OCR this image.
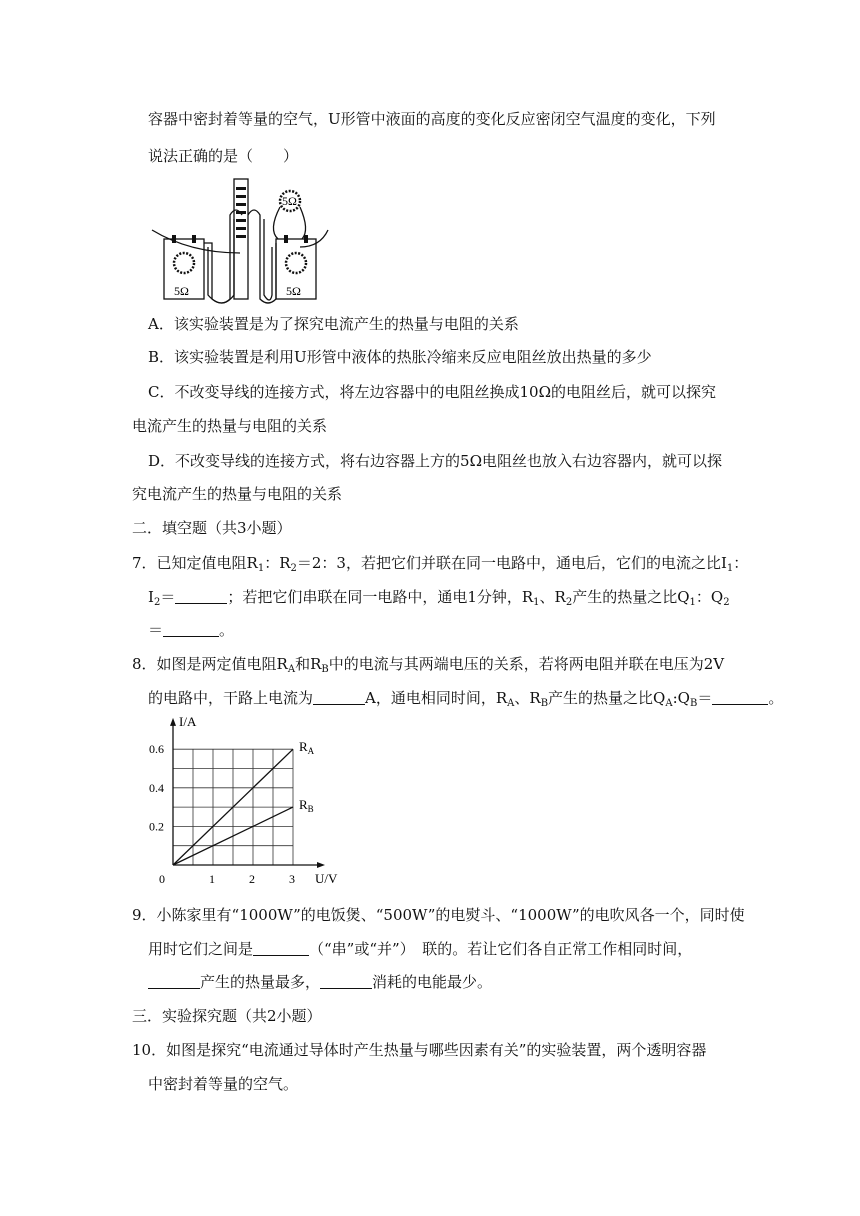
容器中密封着等量的空气，U形管中液面的高度的变化反应密闭空气温度的变化，下列
说法正确的是（　　）
5Ω
5Ω	5Ω
A．该实验装置是为了探究电流产生的热量与电阻的关系
B．该实验装置是利用U形管中液体的热胀冷缩来反应电阻丝放出热量的多少
C．不改变导线的连接方式，将左边容器中的电阻丝换成10Ω的电阻丝后，就可以探究
电流产生的热量与电阻的关系
D．不改变导线的连接方式，将右边容器上方的5Ω电阻丝也放入右边容器内，就可以探
究电流产生的热量与电阻的关系
二．填空题（共3小题）
7．已知定值电阻$R_1$：$R_2=2$：3，若把它们并联在同一电路中，通电后，它们的电流之比$I_1$：
$I_2=$	；若把它们串联在同一电路中，通电1分钟，$R_1$、$R_2$产生的热量之比$Q_1$：$Q_2$
＝	。
8．如图是两定值电阻$R_A$和$R_B$中的电流与其两端电压的关系，若将两电阻并联在电压为2V
的电路中，干路上电流为	A，通电相同时间，$R_A$、$R_B$产生的热量之比$Q_A:Q_B=$	。
I/A
U/V
0	1	2	3
0.2
0.4
0.6	$R_A$
$R_B$
9．小陈家里有“1000W”的电饭煲、“500W”的电熨斗、“1000W”的电吹风各一个，同时使
用时它们之间是	（“串”或“并”）　联的。若让它们各自正常工作相同时间，
产生的热量最多，	消耗的电能最少。
三．实验探究题（共2小题）
10．如图是探究“电流通过导体时产生热量与哪些因素有关”的实验装置，两个透明容器
中密封着等量的空气。
